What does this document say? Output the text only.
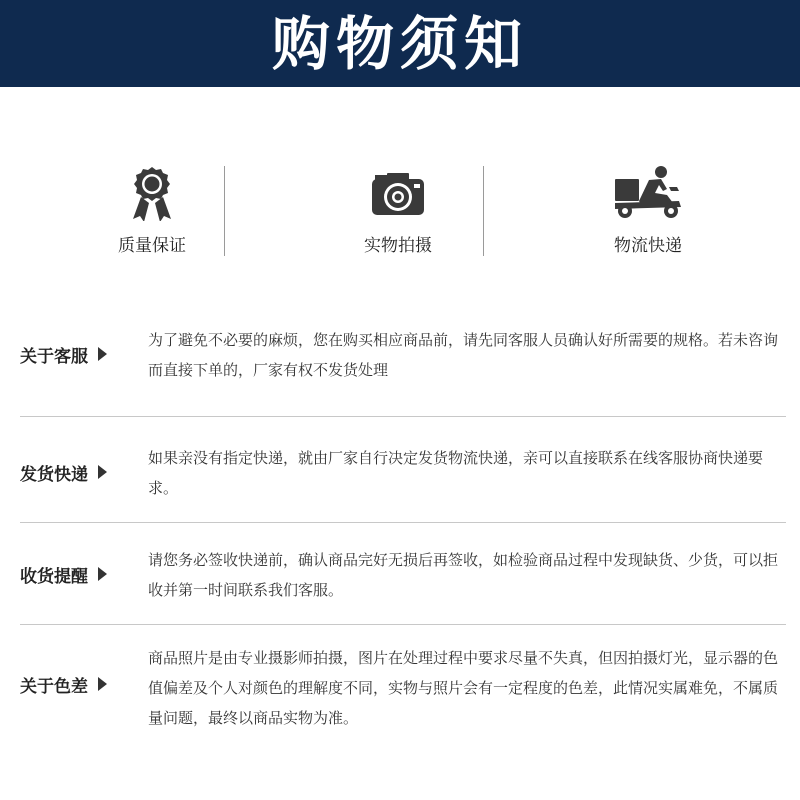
购物须知
质量保证	实物拍摄	物流快递
关于客服
为了避免不必要的麻烦，您在购买相应商品前，请先同客服人员确认好所需要的规格。若未咨询而直接下单的，厂家有权不发货处理
发货快递
如果亲没有指定快递，就由厂家自行决定发货物流快递，亲可以直接联系在线客服协商快递要求。
收货提醒
请您务必签收快递前，确认商品完好无损后再签收，如检验商品过程中发现缺货、少货，可以拒收并第一时间联系我们客服。
关于色差
商品照片是由专业摄影师拍摄，图片在处理过程中要求尽量不失真，但因拍摄灯光，显示器的色值偏差及个人对颜色的理解度不同，实物与照片会有一定程度的色差，此情况实属难免，不属质量问题，最终以商品实物为准。
